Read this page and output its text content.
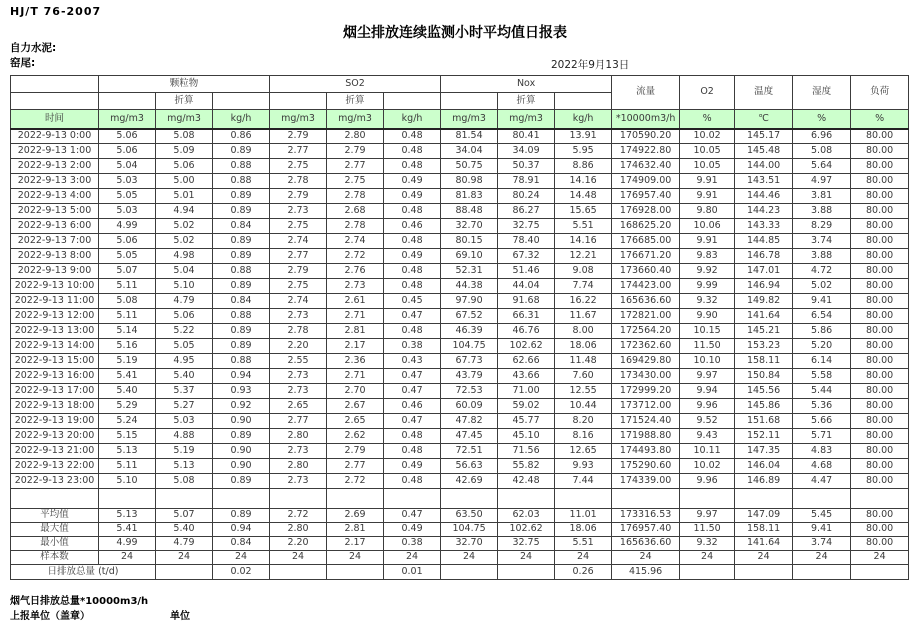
HJ/T 76-2007
烟尘排放连续监测小时平均值日报表
自力水泥:
窑尾:	2022年9月13日
	颗粒物			SO2			Nox			流量	O2	温度	湿度	负荷
		折算			折算			折算						
时间	mg/m3	mg/m3	kg/h	mg/m3	mg/m3	kg/h	mg/m3	mg/m3	kg/h	*10000m3/h	%	℃	%	%
2022-9-13 0:00	5.06	5.08	0.86	2.79	2.80	0.48	81.54	80.41	13.91	170590.20	10.02	145.17	6.96	80.00
2022-9-13 1:00	5.06	5.09	0.89	2.77	2.79	0.48	34.04	34.09	5.95	174922.80	10.05	145.48	5.08	80.00
2022-9-13 2:00	5.04	5.06	0.88	2.75	2.77	0.48	50.75	50.37	8.86	174632.40	10.05	144.00	5.64	80.00
2022-9-13 3:00	5.03	5.00	0.88	2.78	2.75	0.49	80.98	78.91	14.16	174909.00	9.91	143.51	4.97	80.00
2022-9-13 4:00	5.05	5.01	0.89	2.79	2.78	0.49	81.83	80.24	14.48	176957.40	9.91	144.46	3.81	80.00
2022-9-13 5:00	5.03	4.94	0.89	2.73	2.68	0.48	88.48	86.27	15.65	176928.00	9.80	144.23	3.88	80.00
2022-9-13 6:00	4.99	5.02	0.84	2.75	2.78	0.46	32.70	32.75	5.51	168625.20	10.06	143.33	8.29	80.00
2022-9-13 7:00	5.06	5.02	0.89	2.74	2.74	0.48	80.15	78.40	14.16	176685.00	9.91	144.85	3.74	80.00
2022-9-13 8:00	5.05	4.98	0.89	2.77	2.72	0.49	69.10	67.32	12.21	176671.20	9.83	146.78	3.88	80.00
2022-9-13 9:00	5.07	5.04	0.88	2.79	2.76	0.48	52.31	51.46	9.08	173660.40	9.92	147.01	4.72	80.00
2022-9-13 10:00	5.11	5.10	0.89	2.75	2.73	0.48	44.38	44.04	7.74	174423.00	9.99	146.94	5.02	80.00
2022-9-13 11:00	5.08	4.79	0.84	2.74	2.61	0.45	97.90	91.68	16.22	165636.60	9.32	149.82	9.41	80.00
2022-9-13 12:00	5.11	5.06	0.88	2.73	2.71	0.47	67.52	66.31	11.67	172821.00	9.90	141.64	6.54	80.00
2022-9-13 13:00	5.14	5.22	0.89	2.78	2.81	0.48	46.39	46.76	8.00	172564.20	10.15	145.21	5.86	80.00
2022-9-13 14:00	5.16	5.05	0.89	2.20	2.17	0.38	104.75	102.62	18.06	172362.60	11.50	153.23	5.20	80.00
2022-9-13 15:00	5.19	4.95	0.88	2.55	2.36	0.43	67.73	62.66	11.48	169429.80	10.10	158.11	6.14	80.00
2022-9-13 16:00	5.41	5.40	0.94	2.73	2.71	0.47	43.79	43.66	7.60	173430.00	9.97	150.84	5.58	80.00
2022-9-13 17:00	5.40	5.37	0.93	2.73	2.70	0.47	72.53	71.00	12.55	172999.20	9.94	145.56	5.44	80.00
2022-9-13 18:00	5.29	5.27	0.92	2.65	2.67	0.46	60.09	59.02	10.44	173712.00	9.96	145.86	5.36	80.00
2022-9-13 19:00	5.24	5.03	0.90	2.77	2.65	0.47	47.82	45.77	8.20	171524.40	9.52	151.68	5.66	80.00
2022-9-13 20:00	5.15	4.88	0.89	2.80	2.62	0.48	47.45	45.10	8.16	171988.80	9.43	152.11	5.71	80.00
2022-9-13 21:00	5.13	5.19	0.90	2.73	2.79	0.48	72.51	71.56	12.65	174493.80	10.11	147.35	4.83	80.00
2022-9-13 22:00	5.11	5.13	0.90	2.80	2.77	0.49	56.63	55.82	9.93	175290.60	10.02	146.04	4.68	80.00
2022-9-13 23:00	5.10	5.08	0.89	2.73	2.72	0.48	42.69	42.48	7.44	174339.00	9.96	146.89	4.47	80.00

平均值	5.13	5.07	0.89	2.72	2.69	0.47	63.50	62.03	11.01	173316.53	9.97	147.09	5.45	80.00
最大值	5.41	5.40	0.94	2.80	2.81	0.49	104.75	102.62	18.06	176957.40	11.50	158.11	9.41	80.00
最小值	4.99	4.79	0.84	2.20	2.17	0.38	32.70	32.75	5.51	165636.60	9.32	141.64	3.74	80.00
样本数	24	24	24	24	24	24	24	24	24	24	24	24	24	24
日排放总量 (t/d)			0.02			0.01			0.26	415.96				
烟气日排放总量*10000m3/h
上报单位（盖章）	单位
